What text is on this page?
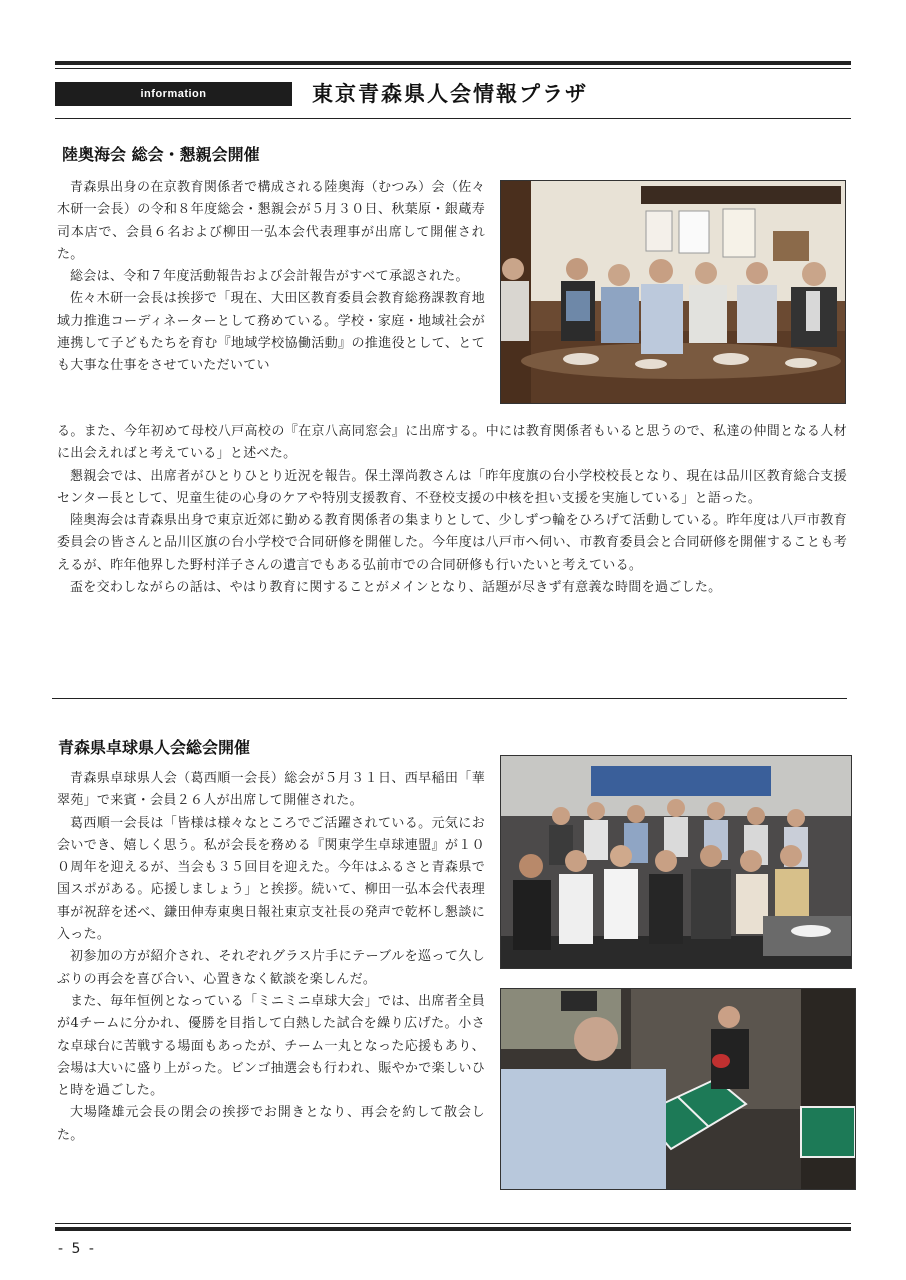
information	東京青森県人会情報プラザ
陸奥海会 総会・懇親会開催

青森県出身の在京教育関係者で構成される陸奥海（むつみ）会（佐々木研一会長）の令和８年度総会・懇親会が５月３０日、秋葉原・銀蔵寿司本店で、会員６名および柳田一弘本会代表理事が出席して開催された。

総会は、令和７年度活動報告および会計報告がすべて承認された。

佐々木研一会長は挨拶で「現在、大田区教育委員会教育総務課教育地域力推進コーディネーターとして務めている。学校・家庭・地域社会が連携して子どもたちを育む『地域学校協働活動』の推進役として、とても大事な仕事をさせていただいてい

る。また、今年初めて母校八戸高校の『在京八高同窓会』に出席する。中には教育関係者もいると思うので、私達の仲間となる人材に出会えればと考えている」と述べた。

懇親会では、出席者がひとりひとり近況を報告。保土澤尚教さんは「昨年度旗の台小学校校長となり、現在は品川区教育総合支援センター長として、児童生徒の心身のケアや特別支援教育、不登校支援の中核を担い支援を実施している」と語った。

陸奥海会は青森県出身で東京近郊に勤める教育関係者の集まりとして、少しずつ輪をひろげて活動している。昨年度は八戸市教育委員会の皆さんと品川区旗の台小学校で合同研修を開催した。今年度は八戸市へ伺い、市教育委員会と合同研修を開催することも考えるが、昨年他界した野村洋子さんの遺言でもある弘前市での合同研修も行いたいと考えている。

盃を交わしながらの話は、やはり教育に関することがメインとなり、話題が尽きず有意義な時間を過ごした。

青森県卓球県人会総会開催

青森県卓球県人会（葛西順一会長）総会が５月３１日、西早稲田「華翠苑」で来賓・会員２６人が出席して開催された。

葛西順一会長は「皆様は様々なところでご活躍されている。元気にお会いでき、嬉しく思う。私が会長を務める『関東学生卓球連盟』が１００周年を迎えるが、当会も３５回目を迎えた。今年はふるさと青森県で国スポがある。応援しましょう」と挨拶。続いて、柳田一弘本会代表理事が祝辞を述べ、鎌田伸寿東奥日報社東京支社長の発声で乾杯し懇談に入った。

初参加の方が紹介され、それぞれグラス片手にテーブルを巡って久しぶりの再会を喜び合い、心置きなく歓談を楽しんだ。

また、毎年恒例となっている「ミニミニ卓球大会」では、出席者全員が4チームに分かれ、優勝を目指して白熱した試合を繰り広げた。小さな卓球台に苦戦する場面もあったが、チーム一丸となった応援もあり、会場は大いに盛り上がった。ビンゴ抽選会も行われ、賑やかで楽しいひと時を過ごした。

大場隆雄元会長の閉会の挨拶でお開きとなり、再会を約して散会した。

- 5 -
